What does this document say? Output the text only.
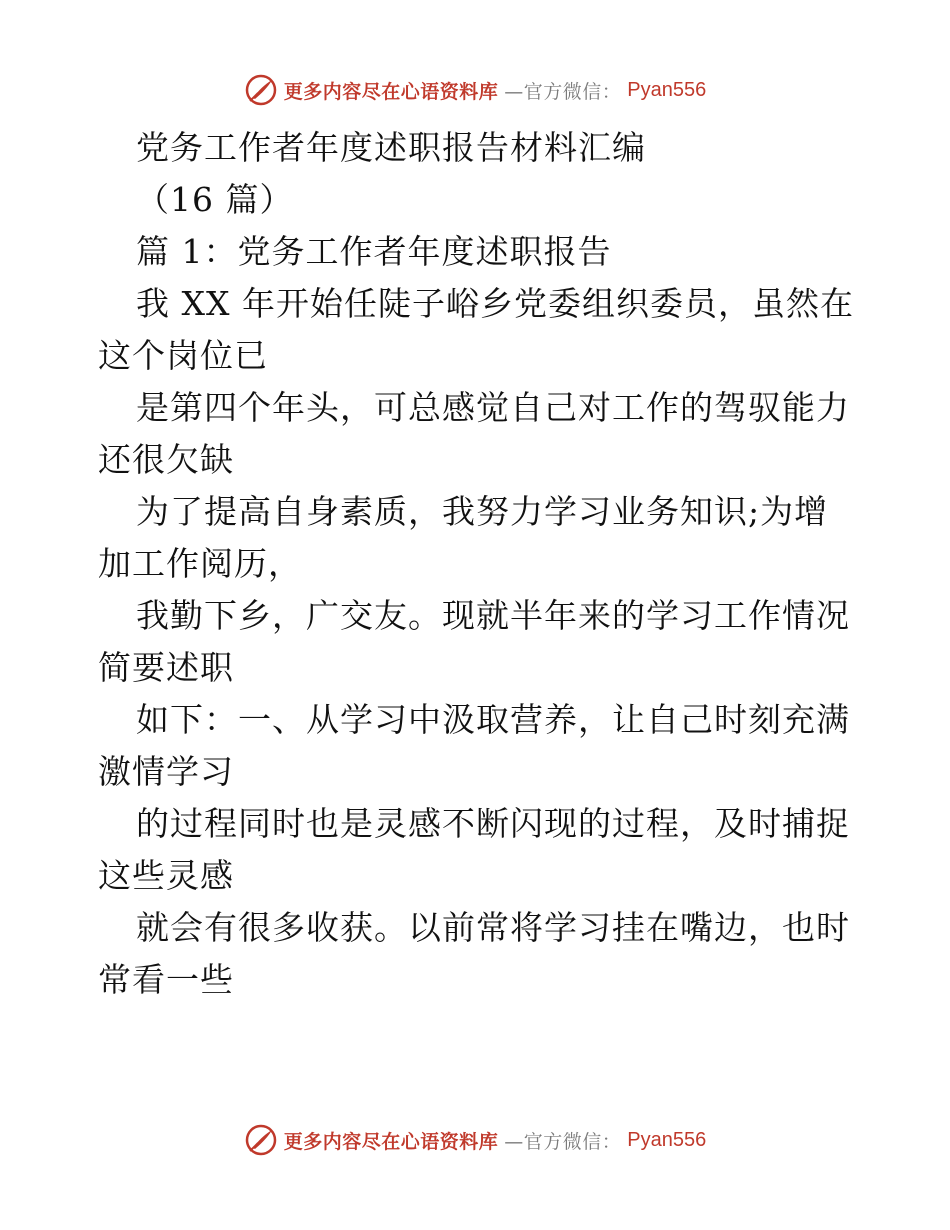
更多内容尽在心语资料库 —官方微信： Pyan556
党务工作者年度述职报告材料汇编
（16 篇）
篇 1：党务工作者年度述职报告
我 XX 年开始任陡子峪乡党委组织委员，虽然在
这个岗位已
是第四个年头，可总感觉自己对工作的驾驭能力
还很欠缺
为了提高自身素质，我努力学习业务知识;为增
加工作阅历，
我勤下乡，广交友。现就半年来的学习工作情况
简要述职
如下：一、从学习中汲取营养，让自己时刻充满
激情学习
的过程同时也是灵感不断闪现的过程，及时捕捉
这些灵感
就会有很多收获。以前常将学习挂在嘴边，也时
常看一些
更多内容尽在心语资料库 —官方微信： Pyan556
